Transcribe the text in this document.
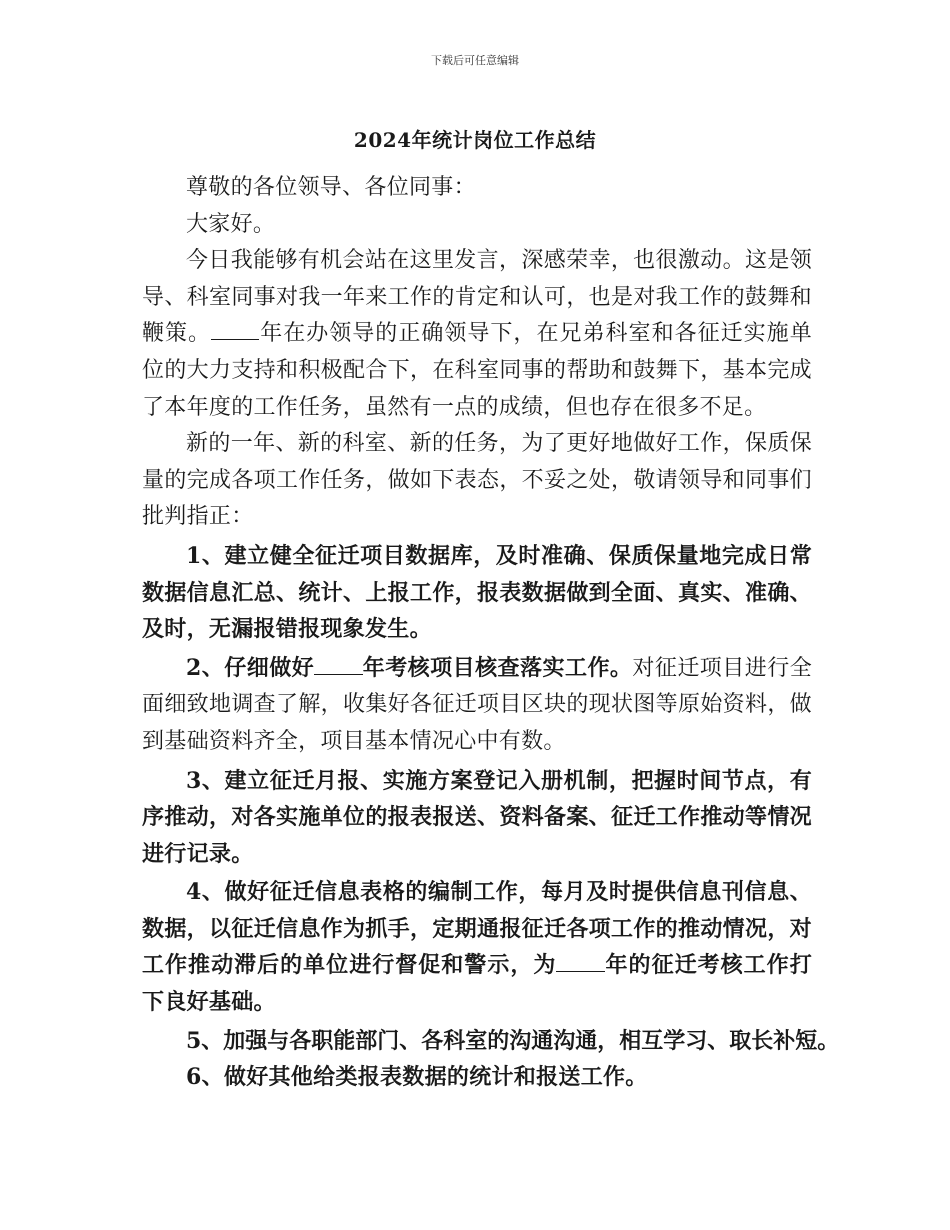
下载后可任意编辑
2024年统计岗位工作总结

尊敬的各位领导、各位同事：

大家好。

今日我能够有机会站在这里发言，深感荣幸，也很激动。这是领导、科室同事对我一年来工作的肯定和认可，也是对我工作的鼓舞和鞭策。 年在办领导的正确领导下，在兄弟科室和各征迁实施单位的大力支持和积极配合下，在科室同事的帮助和鼓舞下，基本完成了本年度的工作任务，虽然有一点的成绩，但也存在很多不足。

新的一年、新的科室、新的任务，为了更好地做好工作，保质保量的完成各项工作任务，做如下表态，不妥之处，敬请领导和同事们批判指正：

1、建立健全征迁项目数据库，及时准确、保质保量地完成日常数据信息汇总、统计、上报工作，报表数据做到全面、真实、准确、及时，无漏报错报现象发生。

2、仔细做好 年考核项目核查落实工作。对征迁项目进行全面细致地调查了解，收集好各征迁项目区块的现状图等原始资料，做到基础资料齐全，项目基本情况心中有数。

3、建立征迁月报、实施方案登记入册机制，把握时间节点，有序推动，对各实施单位的报表报送、资料备案、征迁工作推动等情况进行记录。

4、做好征迁信息表格的编制工作，每月及时提供信息刊信息、数据，以征迁信息作为抓手，定期通报征迁各项工作的推动情况，对工作推动滞后的单位进行督促和警示，为 年的征迁考核工作打下良好基础。

5、加强与各职能部门、各科室的沟通沟通，相互学习、取长补短。

6、做好其他给类报表数据的统计和报送工作。
